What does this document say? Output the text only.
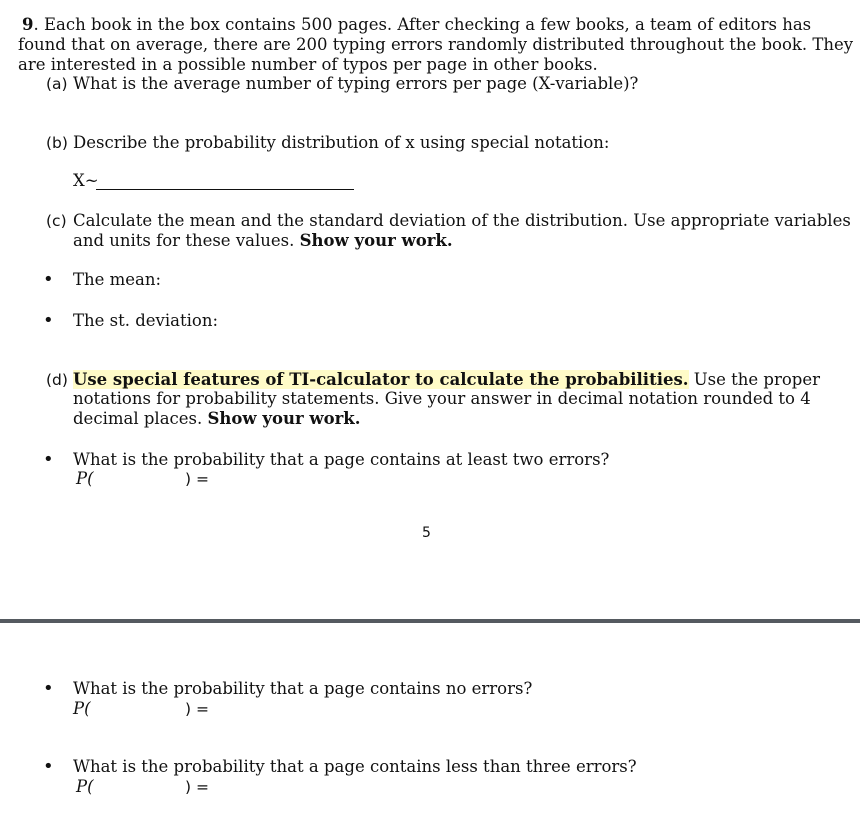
9. Each book in the box contains 500 pages. After checking a few books, a team of editors has

found that on average, there are 200 typing errors randomly distributed throughout the book. They

are interested in a possible number of typos per page in other books.

(a) What is the average number of typing errors per page (X-variable)?

(b) Describe the probability distribution of x using special notation:

X~
(c) Calculate the mean and the standard deviation of the distribution. Use appropriate variables

and units for these values. Show your work.

• The mean:

• The st. deviation:

(d) Use special features of TI-calculator to calculate the probabilities. Use the proper

notations for probability statements. Give your answer in decimal notation rounded to 4

decimal places. Show your work.

• What is the probability that a page contains at least two errors?

P(	) =
5
• What is the probability that a page contains no errors?

P(	) =
• What is the probability that a page contains less than three errors?

P(	) =
